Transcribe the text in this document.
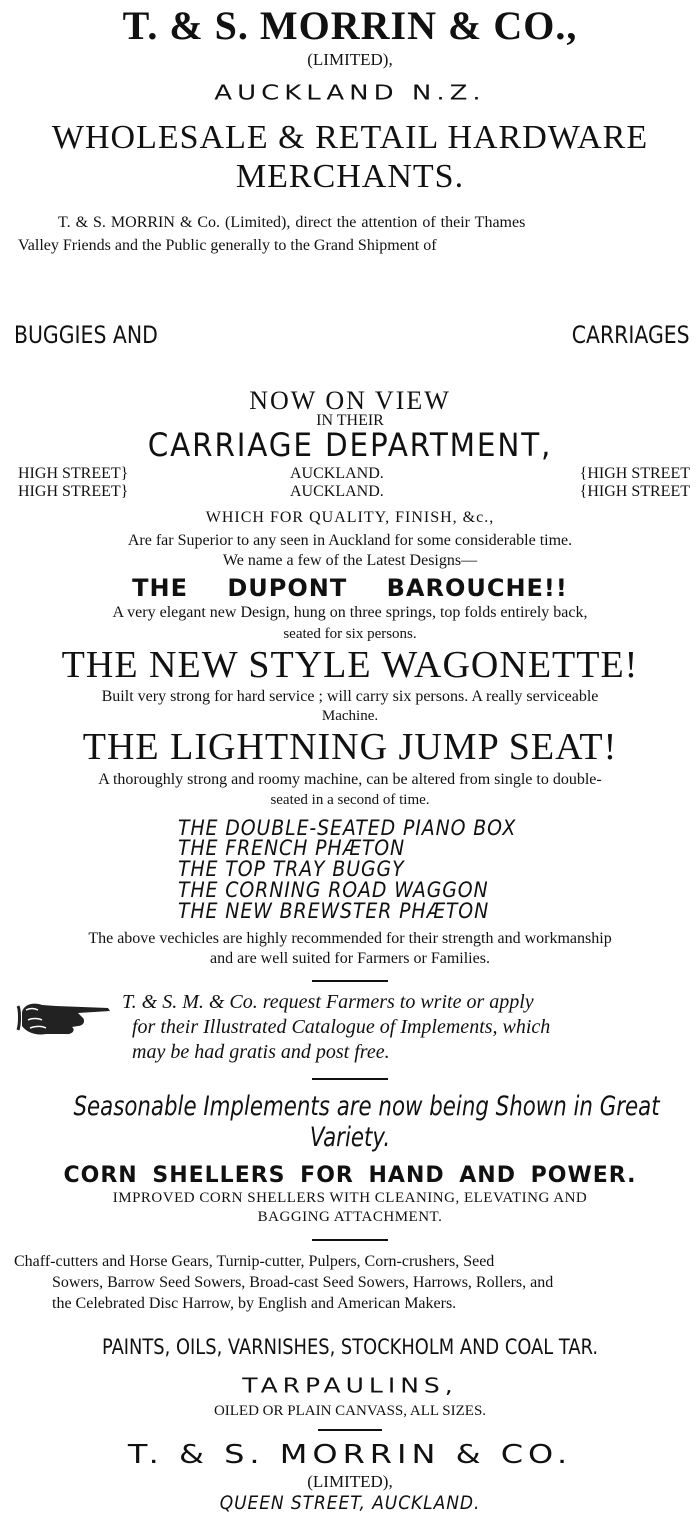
T. & S. MORRIN & CO.,
(LIMITED),
AUCKLAND N.Z.
WHOLESALE & RETAIL HARDWARE
MERCHANTS.
T. & S. MORRIN & Co. (Limited), direct the attention of their Thames
Valley Friends and the Public generally to the Grand Shipment of
BUGGIES AND	CARRIAGES
NOW ON VIEW
IN THEIR
CARRIAGE DEPARTMENT,
HIGH STREET}
HIGH STREET}
AUCKLAND.
AUCKLAND.
{HIGH STREET
{HIGH STREET
WHICH FOR QUALITY, FINISH, &c.,
Are far Superior to any seen in Auckland for some considerable time.
We name a few of the Latest Designs—
THE DUPONT BAROUCHE!!
A very elegant new Design, hung on three springs, top folds entirely back,
seated for six persons.
THE NEW STYLE WAGONETTE!
Built very strong for hard service ; will carry six persons. A really serviceable
Machine.
THE LIGHTNING JUMP SEAT!
A thoroughly strong and roomy machine, can be altered from single to double-
seated in a second of time.
THE DOUBLE-SEATED PIANO BOX
THE FRENCH PHÆTON
THE TOP TRAY BUGGY
THE CORNING ROAD WAGGON
THE NEW BREWSTER PHÆTON
The above vechicles are highly recommended for their strength and workmanship
and are well suited for Farmers or Families.
T. & S. M. & Co. request Farmers to write or apply
for their Illustrated Catalogue of Implements, which
may be had gratis and post free.
Seasonable Implements are now being Shown in Great
Variety.
CORN SHELLERS FOR HAND AND POWER.
IMPROVED CORN SHELLERS WITH CLEANING, ELEVATING AND
BAGGING ATTACHMENT.
Chaff-cutters and Horse Gears, Turnip-cutter, Pulpers, Corn-crushers, Seed
Sowers, Barrow Seed Sowers, Broad-cast Seed Sowers, Harrows, Rollers, and
the Celebrated Disc Harrow, by English and American Makers.
PAINTS, OILS, VARNISHES, STOCKHOLM AND COAL TAR.
TARPAULINS,
OILED OR PLAIN CANVASS, ALL SIZES.
T. & S. MORRIN & CO.
(LIMITED),
QUEEN STREET, AUCKLAND.
